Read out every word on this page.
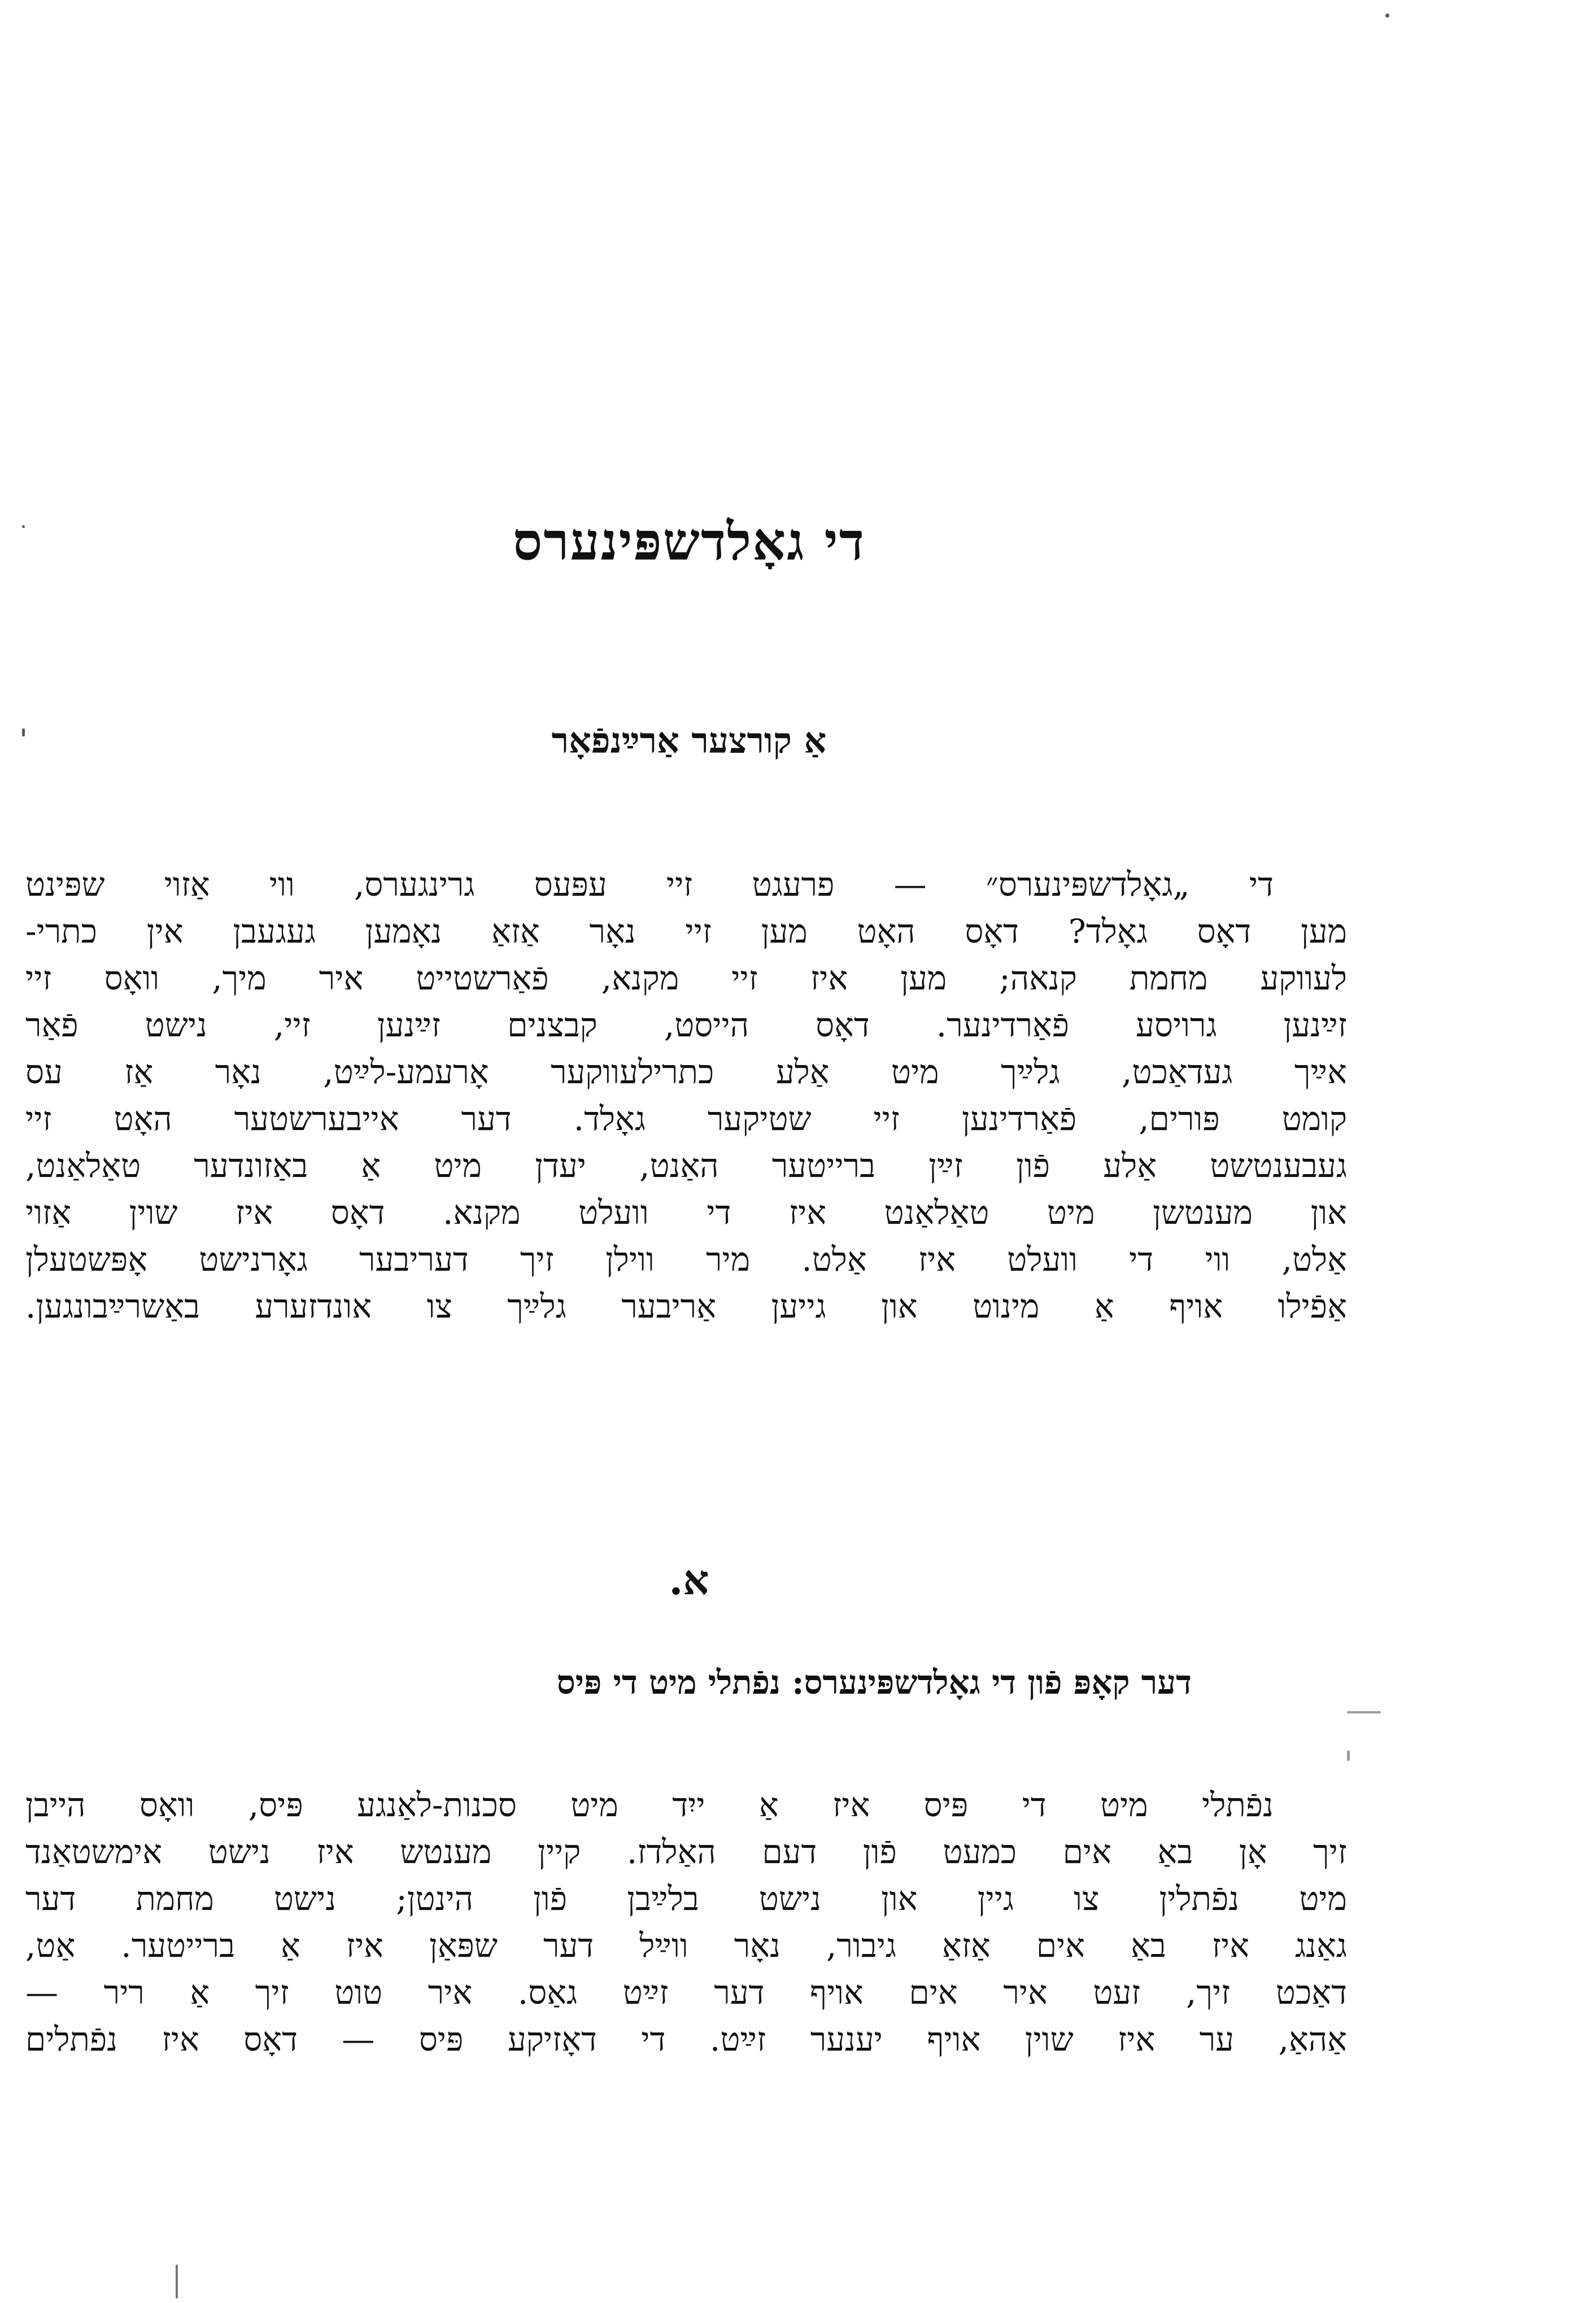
די גאָלדשפּינערס
אַ קורצער אַרײַנפֿאָר
די „גאָלדשפּינערס״ — פרעגט זיי עפּעס גרינגערס, ווי אַזוי שפּינט
מען דאָס גאָלד? דאָס האָט מען זיי נאָר אַזאַ נאָמען געגעבן אין כתרי-
לעווקע מחמת קנאה; מען איז זיי מקנא, פֿאַרשטייט איר מיך, וואָס זיי
זײַנען גרויסע פֿאַרדינער. דאָס הייסט, קבצנים זײַנען זיי, נישט פֿאַר
אײַך געדאַכט, גלײַך מיט אַלע כתרילעווקער אָרעמע-לײַט, נאָר אַז עס
קומט פּורים, פֿאַרדינען זיי שטיקער גאָלד. דער אייבערשטער האָט זיי
געבענטשט אַלע פֿון זײַן ברייטער האַנט, יעדן מיט אַ באַזונדער טאַלאַנט,
און מענטשן מיט טאַלאַנט איז די וועלט מקנא. דאָס איז שוין אַזוי
אַלט, ווי די וועלט איז אַלט. מיר ווילן זיך דעריבער גאָרנישט אָפּשטעלן
אַפֿילו אויף אַ מינוט און גייען אַריבער גלײַך צו אונדזערע באַשרײַבונגען.
א.
דער קאָפּ פֿון די גאָלדשפּינערס: נפֿתלי מיט די פּיס
נפֿתלי מיט די פּיס איז אַ ייִד מיט סכנות-לאַנגע פּיס, וואָס הייבן
זיך אָן באַ אים כמעט פֿון דעם האַלדז. קיין מענטש איז נישט אימשטאַנד
מיט נפֿתלין צו גיין און נישט בלײַבן פֿון הינטן; נישט מחמת דער
גאַנג איז באַ אים אַזאַ גיבור, נאָר ווײַל דער שפּאַן איז אַ ברייטער. אַט,
דאַכט זיך, זעט איר אים אויף דער זײַט גאַס. איר טוט זיך אַ ריר —
אַהאַ, ער איז שוין אויף יענער זײַט. די דאָזיקע פּיס — דאָס איז נפֿתלים
